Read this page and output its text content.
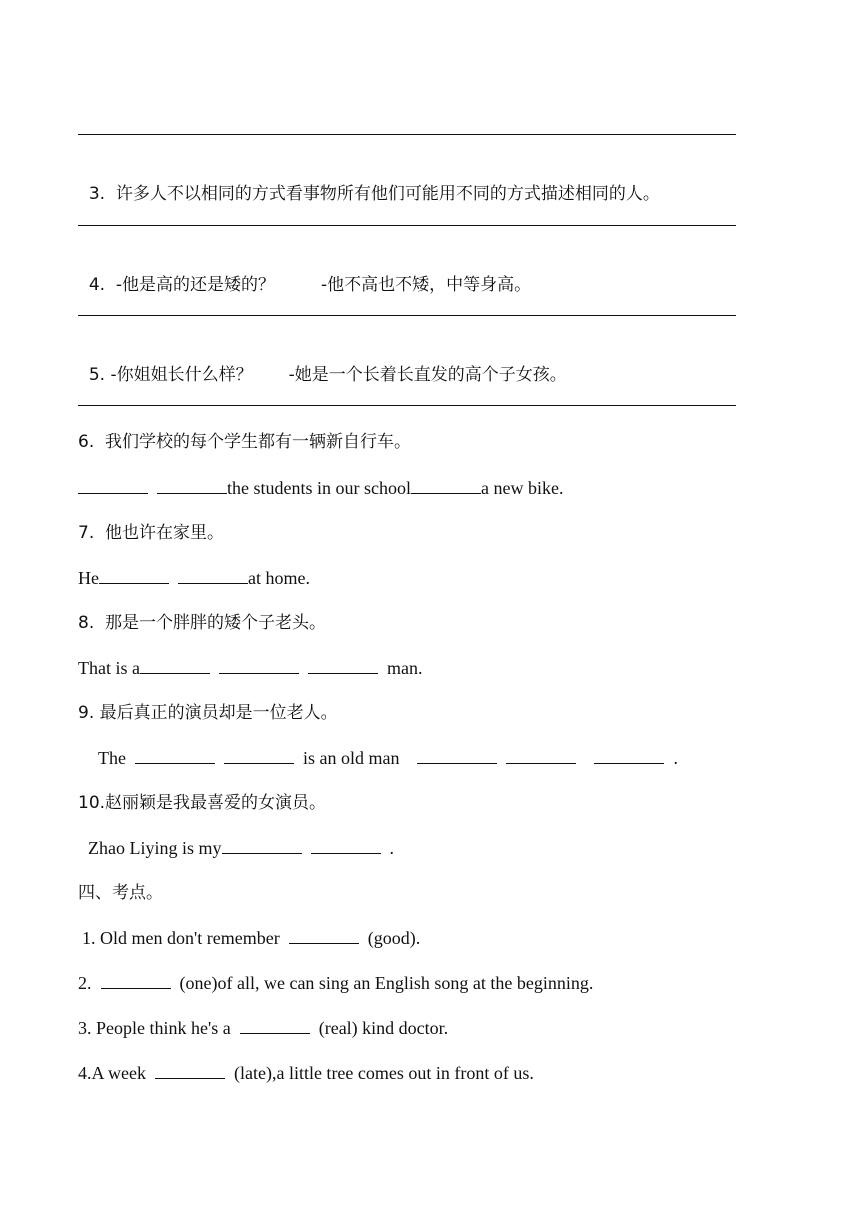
3. 许多人不以相同的方式看事物所有他们可能用不同的方式描述相同的人。

4. -他是高的还是矮的？	-他不高也不矮，中等身高。

5. -你姐姐长什么样？ -她是一个长着长直发的高个子女孩。

6.  我们学校的每个学生都有一辆新自行车。
the students in our school	a new bike.
7.  他也许在家里。
He	at home.
8.  那是一个胖胖的矮个子老头。
That is a	man.
9. 最后真正的演员却是一位老人。
The	is an old man	.
10.赵丽颖是我最喜爱的女演员。
Zhao Liying is my	.
四、考点。
1. Old men don't remember	(good).
2.	(one)of all, we can sing an English song at the beginning.
3. People think he's a	(real) kind doctor.
4.A week	(late),a little tree comes out in front of us.
